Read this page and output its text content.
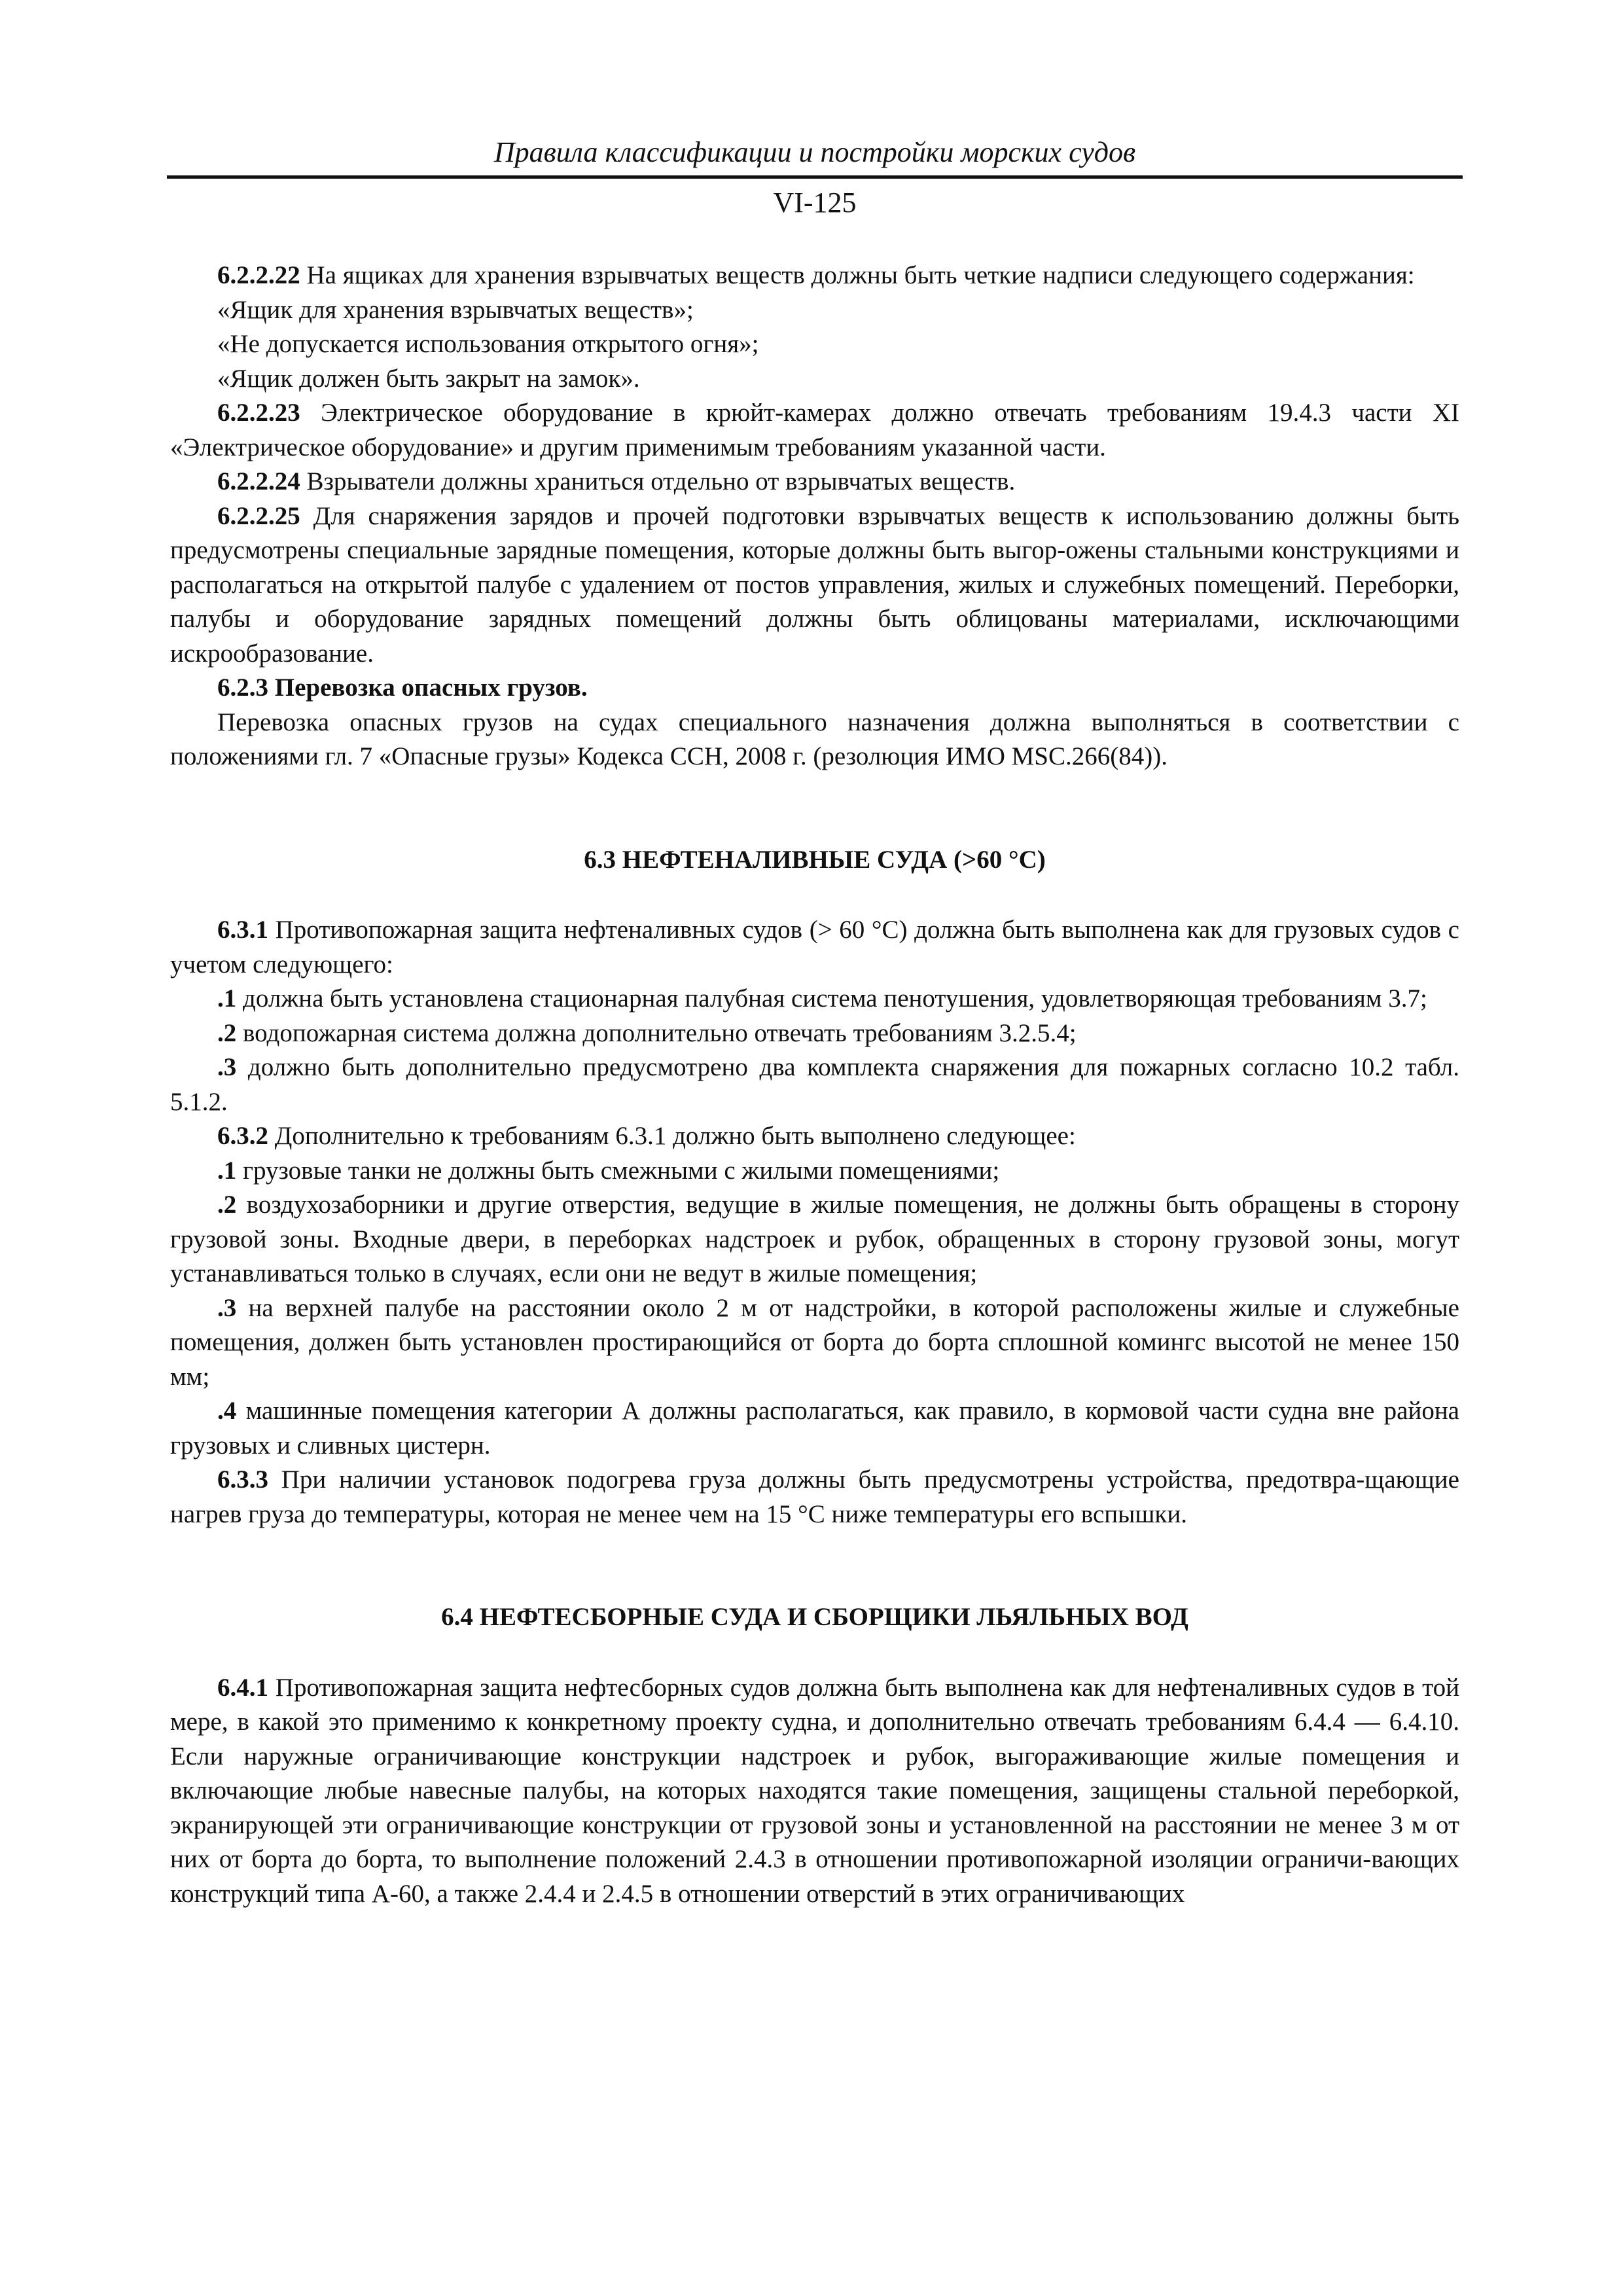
Правила классификации и постройки морских судов
VI-125

6.2.2.22 На ящиках для хранения взрывчатых веществ должны быть четкие надписи следующего содержания:

«Ящик для хранения взрывчатых веществ»;

«Не допускается использования открытого огня»;

«Ящик должен быть закрыт на замок».

6.2.2.23 Электрическое оборудование в крюйт-камерах должно отвечать требованиям 19.4.3 части XI «Электрическое оборудование» и другим применимым требованиям указанной части.

6.2.2.24 Взрыватели должны храниться отдельно от взрывчатых веществ.

6.2.2.25 Для снаряжения зарядов и прочей подготовки взрывчатых веществ к использованию должны быть предусмотрены специальные зарядные помещения, которые должны быть выгор-ожены стальными конструкциями и располагаться на открытой палубе с удалением от постов управления, жилых и служебных помещений. Переборки, палубы и оборудование зарядных помещений должны быть облицованы материалами, исключающими искрообразование.

6.2.3 Перевозка опасных грузов.

Перевозка опасных грузов на судах специального назначения должна выполняться в соответствии с положениями гл. 7 «Опасные грузы» Кодекса ССН, 2008 г. (резолюция ИМО MSC.266(84)).

6.3 НЕФТЕНАЛИВНЫЕ СУДА (>60 °C)

6.3.1 Противопожарная защита нефтеналивных судов (> 60 °C) должна быть выполнена как для грузовых судов с учетом следующего:

.1 должна быть установлена стационарная палубная система пенотушения, удовлетворяющая требованиям 3.7;

.2 водопожарная система должна дополнительно отвечать требованиям 3.2.5.4;

.3 должно быть дополнительно предусмотрено два комплекта снаряжения для пожарных согласно 10.2 табл. 5.1.2.

6.3.2 Дополнительно к требованиям 6.3.1 должно быть выполнено следующее:

.1 грузовые танки не должны быть смежными с жилыми помещениями;

.2 воздухозаборники и другие отверстия, ведущие в жилые помещения, не должны быть обращены в сторону грузовой зоны. Входные двери, в переборках надстроек и рубок, обращенных в сторону грузовой зоны, могут устанавливаться только в случаях, если они не ведут в жилые помещения;

.3 на верхней палубе на расстоянии около 2 м от надстройки, в которой расположены жилые и служебные помещения, должен быть установлен простирающийся от борта до борта сплошной комингс высотой не менее 150 мм;

.4 машинные помещения категории А должны располагаться, как правило, в кормовой части судна вне района грузовых и сливных цистерн.

6.3.3 При наличии установок подогрева груза должны быть предусмотрены устройства, предотвра-щающие нагрев груза до температуры, которая не менее чем на 15 °C ниже температуры его вспышки.

6.4 НЕФТЕСБОРНЫЕ СУДА И СБОРЩИКИ ЛЬЯЛЬНЫХ ВОД

6.4.1 Противопожарная защита нефтесборных судов должна быть выполнена как для нефтеналивных судов в той мере, в какой это применимо к конкретному проекту судна, и дополнительно отвечать требованиям 6.4.4 — 6.4.10. Если наружные ограничивающие конструкции надстроек и рубок, выгораживающие жилые помещения и включающие любые навесные палубы, на которых находятся такие помещения, защищены стальной переборкой, экранирующей эти ограничивающие конструкции от грузовой зоны и установленной на расстоянии не менее 3 м от них от борта до борта, то выполнение положений 2.4.3 в отношении противопожарной изоляции ограничи-вающих конструкций типа А-60, а также 2.4.4 и 2.4.5 в отношении отверстий в этих ограничивающих
